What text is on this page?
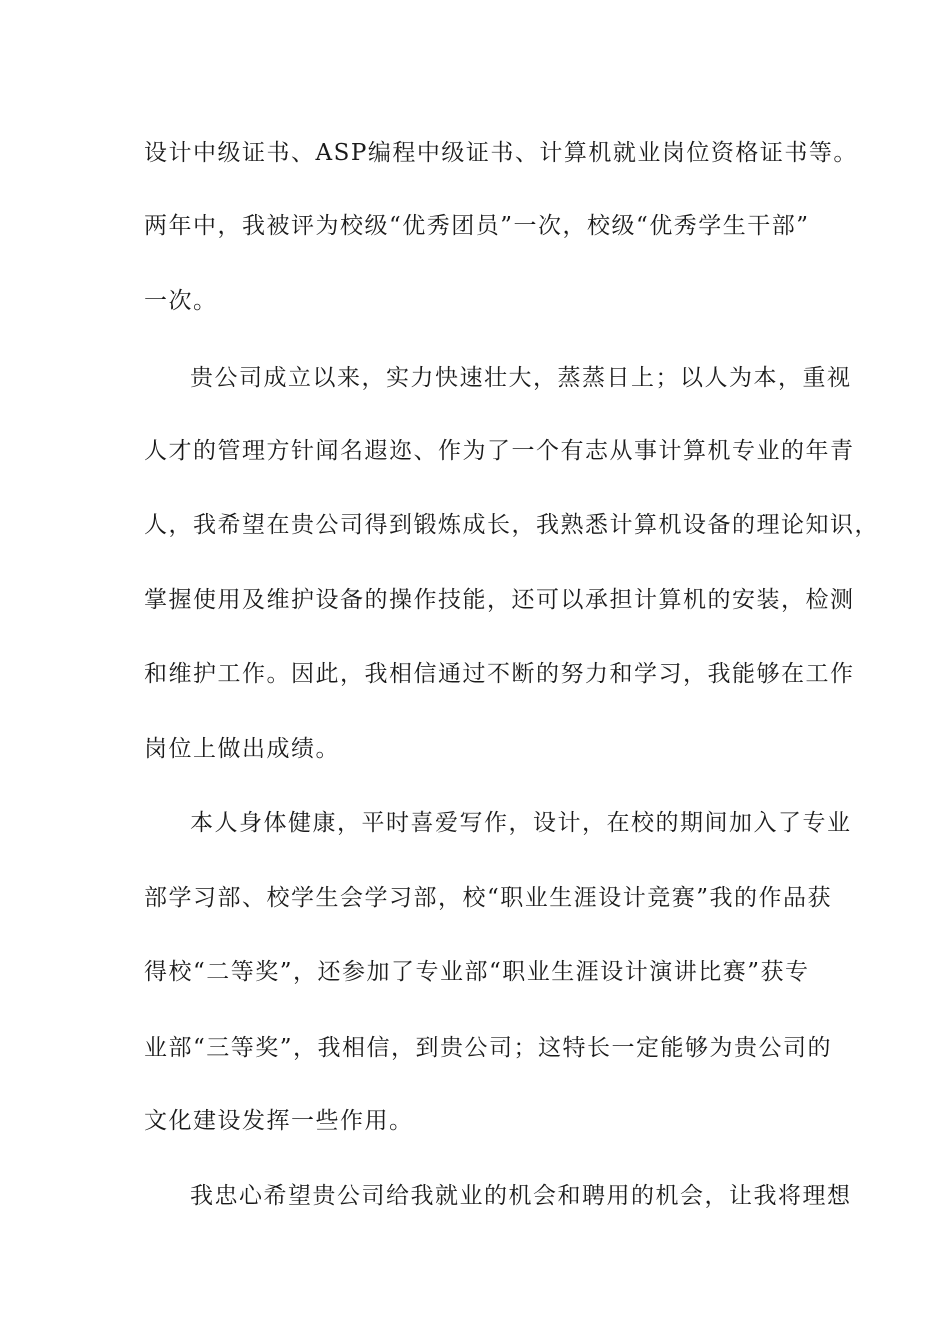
设计中级证书、ASP编程中级证书、计算机就业岗位资格证书等。
两年中，我被评为校级“优秀团员”一次，校级“优秀学生干部”
一次。
贵公司成立以来，实力快速壮大，蒸蒸日上；以人为本，重视
人才的管理方针闻名遐迩、作为了一个有志从事计算机专业的年青
人，我希望在贵公司得到锻炼成长，我熟悉计算机设备的理论知识，
掌握使用及维护设备的操作技能，还可以承担计算机的安装，检测
和维护工作。因此，我相信通过不断的努力和学习，我能够在工作
岗位上做出成绩。
本人身体健康，平时喜爱写作，设计，在校的期间加入了专业
部学习部、校学生会学习部，校“职业生涯设计竞赛”我的作品获
得校“二等奖”，还参加了专业部“职业生涯设计演讲比赛”获专
业部“三等奖”，我相信，到贵公司；这特长一定能够为贵公司的
文化建设发挥一些作用。
我忠心希望贵公司给我就业的机会和聘用的机会，让我将理想
